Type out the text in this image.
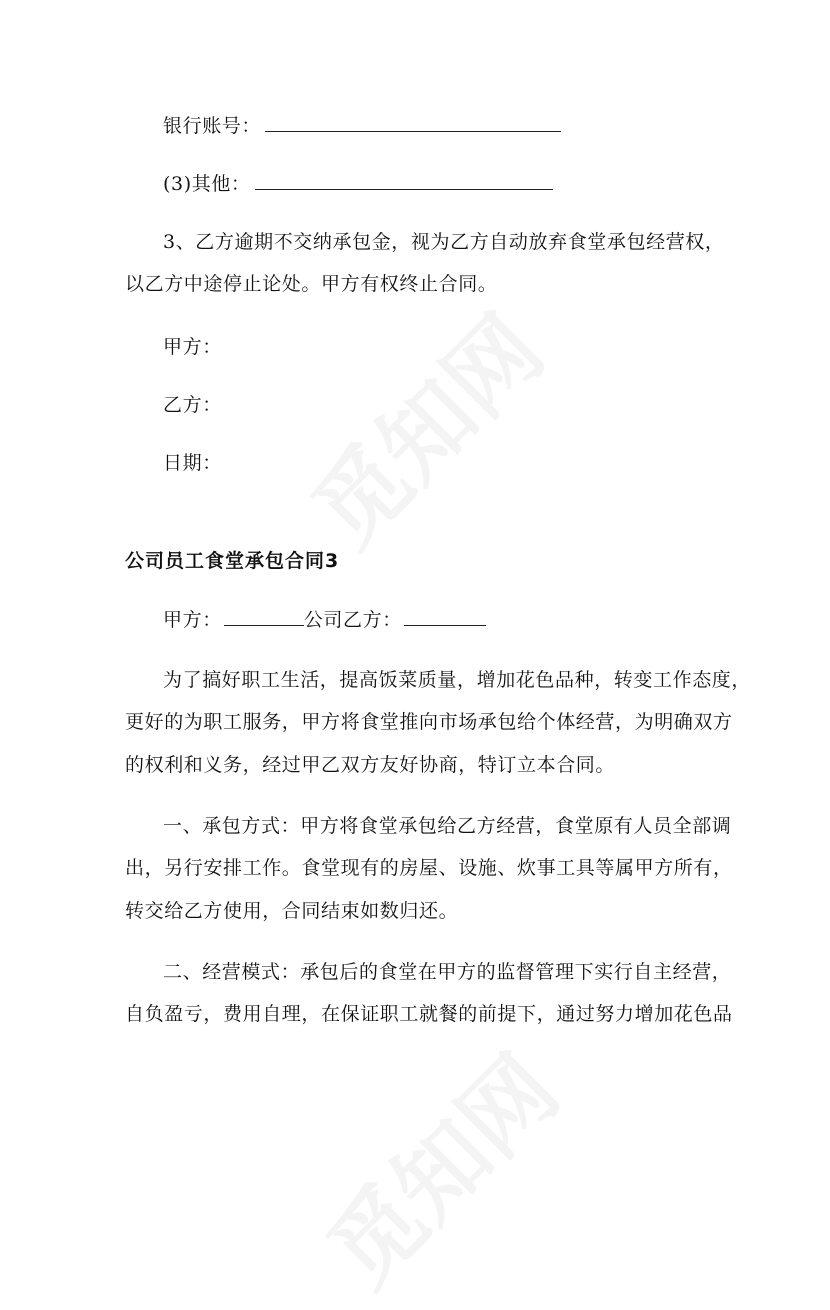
银行账号：
(3)其他：
3、乙方逾期不交纳承包金，视为乙方自动放弃食堂承包经营权，
以乙方中途停止论处。甲方有权终止合同。
甲方：
乙方：
日期：
公司员工食堂承包合同3
甲方：	公司乙方：
为了搞好职工生活，提高饭菜质量，增加花色品种，转变工作态度，
更好的为职工服务，甲方将食堂推向市场承包给个体经营，为明确双方
的权利和义务，经过甲乙双方友好协商，特订立本合同。
一、承包方式：甲方将食堂承包给乙方经营，食堂原有人员全部调
出，另行安排工作。食堂现有的房屋、设施、炊事工具等属甲方所有，
转交给乙方使用，合同结束如数归还。
二、经营模式：承包后的食堂在甲方的监督管理下实行自主经营，
自负盈亏，费用自理，在保证职工就餐的前提下，通过努力增加花色品
